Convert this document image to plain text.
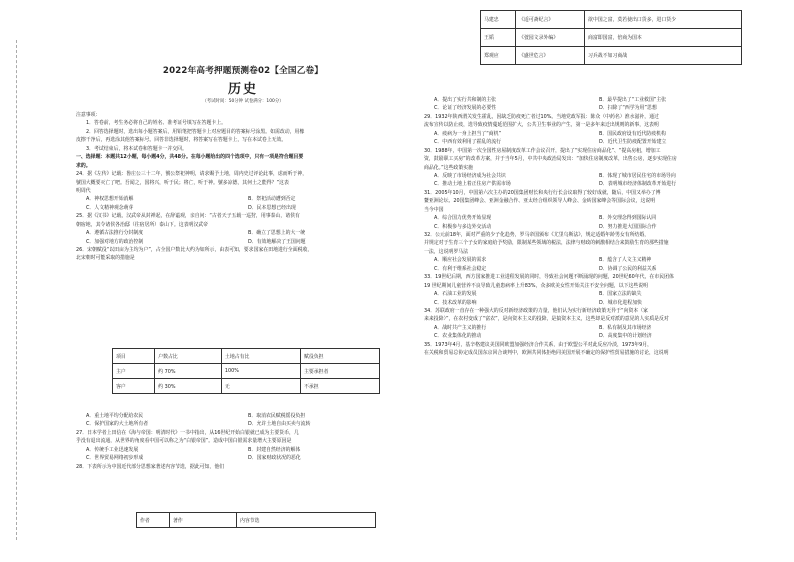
2022年高考押题预测卷02【全国乙卷】
历史
（考试时间：50分钟 试卷满分：100分）
注意事项：
1．答卷前，考生务必将自己的姓名、准考证号填写在答题卡上。
2．回答选择题时，选出每小题答案后，用铅笔把答题卡上对应题目的答案标号涂黑。如需改动，用橡
皮擦干净后，再选涂其他答案标号。回答非选择题时，将答案写在答题卡上，写在本试卷上无效。
3．考试结束后，将本试卷和答题卡一并交回。
一、选择题：本题共12小题，每小题4分，共48分。在每小题给出的四个选项中，只有一项是符合题目要
求的。
24．据《左传》记载：鲁庄公三十二年，號公祭祀神明，请求赐予土地，周内史过评论此事，虑而听于神，
號国大概要灭亡了吧。吾闻之，国将兴，听于民；将亡，听于神。號多凉德，其何土之能得？”这表
明周代
A．神权思想开始消解	B．祭祀活动遭到否定
C．人文精神观念萌芽	D．民本思想已经出现
25．据《汉书》记载，汉武帝从封禅起，在辞谥观，亲自问：“古者天子五载一巡狩，用事泰山，诸侯有
朝宿地，其令诸侯各治邸（往宿居所）泰山下。这表明汉武帝
A．遵循古法推行分封制度	B．确立了思想上的大一统
C．加强对地方的政治控制	D．有效地解决了王国问题
26．宋朝赋役“以田亩为主均为户”，占全国户数比大约为如所示，由表可知，要求国家在田地进行全面税收，
北宋朝时可能采取的措施是
项目	户数占比	土地占有比	赋役负担
主户	约 70%	100%	主要承担者
客户	约 30%	无	不承担
A．重土地平均分配给农民	B．取消农民赋税徭役负担
C．保护国家的大土地所有者	D．允许土地自由买卖与流转
27．日本学者上田信在《海与帝国：明清时代》一书中指出，从16世纪开始白银就已成为主要货币，几
乎没有退出流通，从世界的角度看中国可以称之为“白银帝国”。造成中国白银需求量增大主要原因是
A．传统手工业迅速发展	B．封建自然经济的解体
C．世界贸易网络初步形成	D．国家财政状况的恶化
28．下表所示为中国近代部分思想家著述内容节选，据此可知，他们
作者	著作	内容节选
马建忠	《适可斋纪言》	欲中国之富，莫若使出口货多，进口货少
王韬	《弢园文录外编》	商富即国富，倍商为国本
郑观应	《盛世危言》	习兵战不如习商战
A．提出了实行共和制的主张	B．最早提出了“工业救国”主张
C．论证了经济发展的必要性	D．扫除了“西学为用”思想
29．1932年陕西渭关发生霍乱，因缺乏防疫死亡者过10%。当地党政军报：陈众（中药名）淮水滋补，通过
流布宣传以防止疫，选导致疫情蔓延范围扩大，公共卫生事业的产生，第一是多年来迁出规则的新事，这表明
A．疫病为一身上担当了“商机”	B．国民政府设有近代防疫机构
C．中西有效利用了霍乱的流行	D．近代卫生防疫配置开始建立
30．1988年，中国第一次全国性房屋制度改革工作会议召开，提出了“实现住房商品化”、“提高房租，增加工
资，鼓励职工买房”的改革方案，并于当年5月，中共中央政治局发出：“加快住房制度改革，出售公房，逐步实现住房
商品化。”这些政策实施
A．反映了市场经济成为社会共识	B．体现了城市居民住宅的市场导向
C．推动土地上着正住房产供需市场	D．表明城市经济体制改革开始进行
31．2005年10月，中国第六次主办的20国集团财长和央行行长会议取得了较好成就，随后，中国又举办了博
鳌亚洲论坛、20国集团峰会、亚洲金融合作、亚太经合组织领导人峰会、金砖国家峰会等国际会议，这说明
当今中国
A．综合国力优势开始显现	B．外交理念得到国际认同
C．积极参与多边外交活动	D．努力推进大国国际合作
32．公元前18年，面对严重的少子化趋势，罗马帝国颁布《尤里乌斯法》，规定适婚年龄男女有所结婚，
并规定对于生育三个子女的家庭给予奖励，限制某些领域的税法，法律与财政的刺激相结合来鼓励生育的那些措施
一法，这说明罗马法
A．顺应社会发展的需求	B．蕴含了人文主义精神
C．有利于维系社会稳定	D．协调了公民的利益关系
33．19世纪后期，西方国家推进工业进程发展的同时，导致社会问题不断涌现的问题，20世纪60年代，在市民团体
19 世纪期间儿童营养不良导致儿童患病率上升83%，众多欧美女性开始关注不安全问题，以下这些说明
A．石油工业的发展	B．国家立法的缺失
C．技术改革的影响	D．城市化进程加快
34．苏联政府一直存在一种强大的反对新经济政策的力量，他们认为实行新经济政策无异于“向资本（家
来来投降）”，在农村变成了“富农”，是向资本主义的投降，是搞资本主义，这些却是反对派的意见的人实质是反对
A．战时共产主义的推行	B．私有制及其市场经济
C．农业集体化的推动	D．高度集中的计划经济
35．1973年4月，基辛格建议美国同欧盟加强经济合作关系，由于欧盟公平对此反应冷淡，1973年9月，
在关税和贸易总协定成员国东京回合谈判中，欧洲共同体拒绝同美国开展不确定的保护性贸易措施的讨论，这说明
